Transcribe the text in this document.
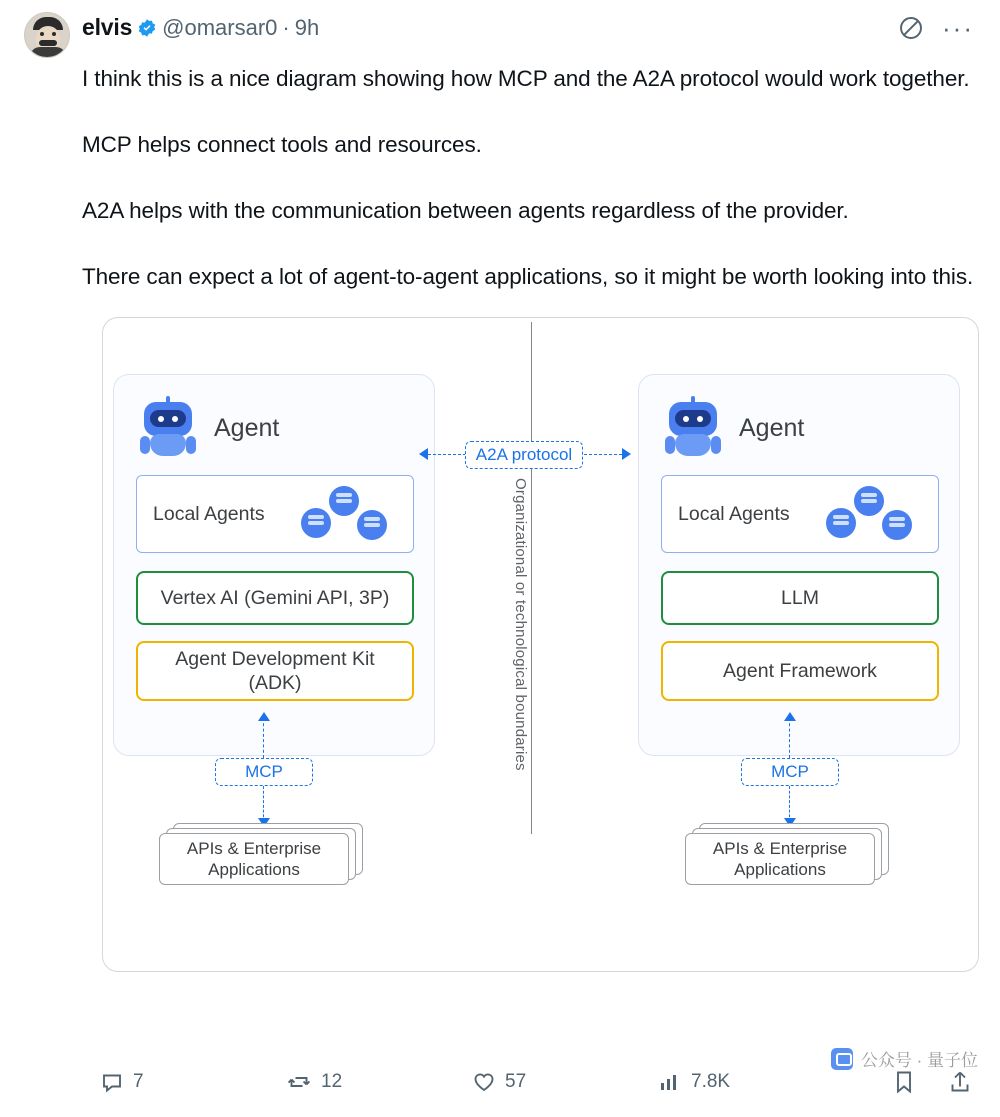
elvis @omarsar0 · 9h	···

I think this is a nice diagram showing how MCP and the A2A protocol would work together.

MCP helps connect tools and resources.

A2A helps with the communication between agents regardless of the provider.

There can expect a lot of agent-to-agent applications, so it might be worth looking into this.

Organizational or technological boundaries
Agent
Local Agents
Vertex AI (Gemini API, 3P)
Agent Development Kit
(ADK)
Agent
Local Agents
LLM
Agent Framework
A2A protocol
MCP	MCP
APIs & Enterprise
Applications
APIs & Enterprise
Applications
公众号 · 量子位
7	12	57	7.8K
